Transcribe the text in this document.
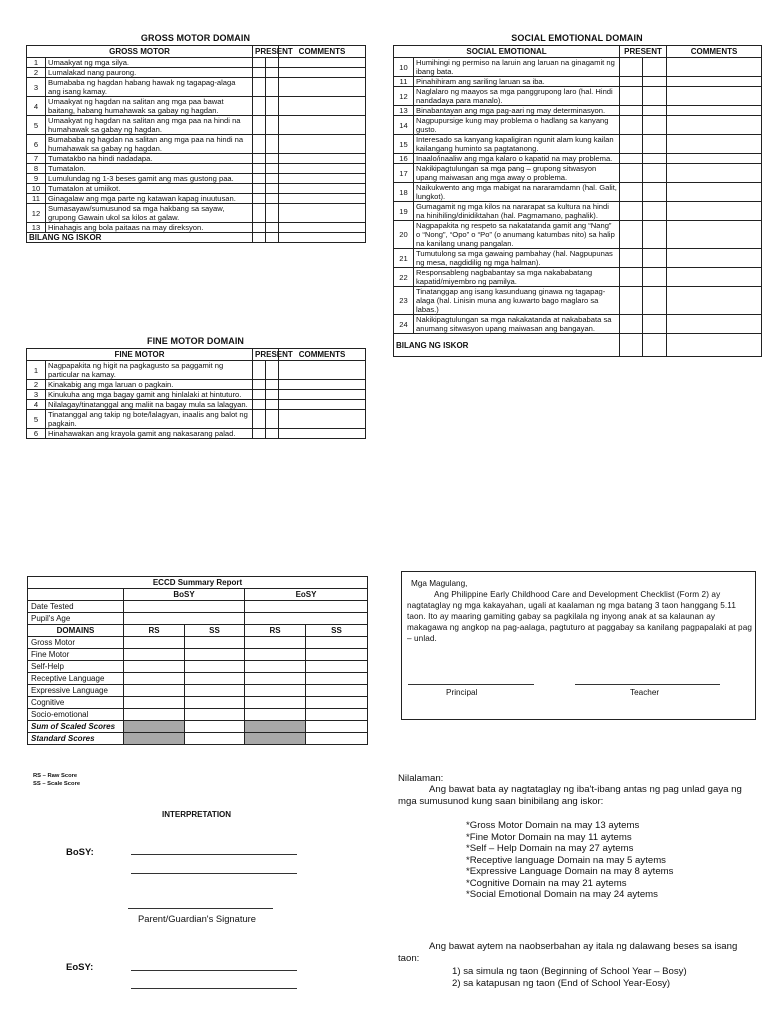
GROSS MOTOR DOMAIN
GROSS MOTOR		PRESENT		COMMENTS
1	Umaakyat ng mga silya.			
2	Lumalakad nang paurong.			
3	Bumababa ng hagdan habang hawak ng tagapag-alaga ang isang kamay.			
4	Umaakyat ng hagdan na salitan ang mga paa bawat baitang, habang humahawak sa gabay ng hagdan.			
5	Umaakyat ng hagdan na salitan ang mga paa na hindi na humahawak sa gabay ng hagdan.			
6	Bumababa ng hagdan na salitan ang mga paa na hindi na humahawak sa gabay ng hagdan.			
7	Tumatakbo na hindi nadadapa.			
8	Tumatalon.			
9	Lumulundag ng 1-3 beses gamit ang mas gustong paa.			
10	Tumatalon at umiikot.			
11	Ginagalaw ang mga parte ng katawan kapag inuutusan.			
12	Sumasayaw/sumusunod sa mga hakbang sa sayaw, grupong Gawain ukol sa kilos at galaw.			
13	Hinahagis ang bola paitaas na may direksyon.			
BILANG NG ISKOR				
FINE MOTOR DOMAIN
FINE MOTOR		PRESENT		COMMENTS
1	Nagpapakita ng higit na pagkagusto sa paggamit ng particular na kamay.			
2	Kinakabig ang mga laruan o pagkain.			
3	Kinukuha ang mga bagay gamit ang hinlalaki at hintuturo.			
4	Nilalagay/tinatanggal ang maliit na bagay mula sa lalagyan.			
5	Tinatanggal ang takip ng bote/lalagyan, inaalis ang balot ng pagkain.			
6	Hinahawakan ang krayola gamit ang nakasarang palad.			
SOCIAL EMOTIONAL DOMAIN
SOCIAL EMOTIONAL		PRESENT		COMMENTS
10	Humihingi ng permiso na laruin ang laruan na ginagamit ng ibang bata.			
11	Pinahihiram ang sariling laruan sa iba.			
12	Naglalaro ng maayos sa mga panggrupong laro (hal. Hindi nandadaya para manalo).			
13	Binabantayan ang mga pag-aari ng may determinasyon.			
14	Nagpupursige kung may problema o hadlang sa kanyang gusto.			
15	Interesado sa kanyang kapaligiran ngunit alam kung kailan kailangang huminto sa pagtatanong.			
16	Inaalo/inaaliw ang mga kalaro o kapatid na may problema.			
17	Nakikipagtulungan sa mga pang – grupong sitwasyon upang maiwasan ang mga away o problema.			
18	Naikukwento ang mga mabigat na nararamdamn (hal. Galit, lungkot).			
19	Gumagamit ng mga kilos na nararapat sa kultura na hindi na hinihiling/dinidiktahan (hal. Pagmamano, paghalik).			
20	Nagpapakita ng respeto sa nakatatanda gamit ang “Nang” o “Nong”, “Opo” o “Po” (o anumang katumbas nito) sa halip na kanilang unang pangalan.			
21	Tumutulong sa mga gawaing pambahay (hal. Nagpupunas ng mesa, nagdidilig ng mga halman).			
22	Responsableng nagbabantay sa mga nakababatang kapatid/miyembro ng pamilya.			
23	Tinatanggap ang isang kasunduang ginawa ng tagapag-alaga (hal. Linisin muna ang kuwarto bago maglaro sa labas.)			
24	Nakikipagtulungan sa mga nakakatanda at nakababata sa anumang sitwasyon upang maiwasan ang bangayan.			
BILANG NG ISKOR				
ECCD Summary Report				
	BoSY		EoSY	
Date Tested				
Pupil's Age				
DOMAINS	RS	SS	RS	SS
Gross Motor				
Fine Motor				
Self-Help				
Receptive Language				
Expressive Language				
Cognitive				
Socio-emotional				
Sum of Scaled Scores				
Standard Scores				
RS – Raw Score
SS – Scale Score
INTERPRETATION
BoSY:
Parent/Guardian's Signature
EoSY:
Mga Magulang,
Ang Philippine Early Childhood Care and Development Checklist (Form 2) ay nagtataglay ng mga kakayahan, ugali at kaalaman ng mga batang 3 taon hanggang 5.11 taon. Ito ay maaring gamiting gabay sa pagkilala ng inyong anak at sa kalaunan ay makagawa ng angkop na pag-aalaga, pagtuturo at paggabay sa kanilang pagpapalaki at pag – unlad.
Principal	Teacher
Nilalaman:
Ang bawat bata ay nagtataglay ng iba't-ibang antas ng pag unlad gaya ng mga sumusunod kung saan binibilang ang iskor:
*Gross Motor Domain na may 13 aytems
*Fine Motor Domain na may 11 aytems
*Self – Help Domain na may 27 aytems
*Receptive language Domain na may 5 aytems
*Expressive Language Domain na may 8 aytems
*Cognitive Domain na may 21 aytems
*Social Emotional Domain na may 24 aytems
Ang bawat aytem na naobserbahan ay itala ng dalawang beses sa isang taon:
1) sa simula ng taon (Beginning of School Year – Bosy)
2) sa katapusan ng taon (End of School Year-Eosy)
